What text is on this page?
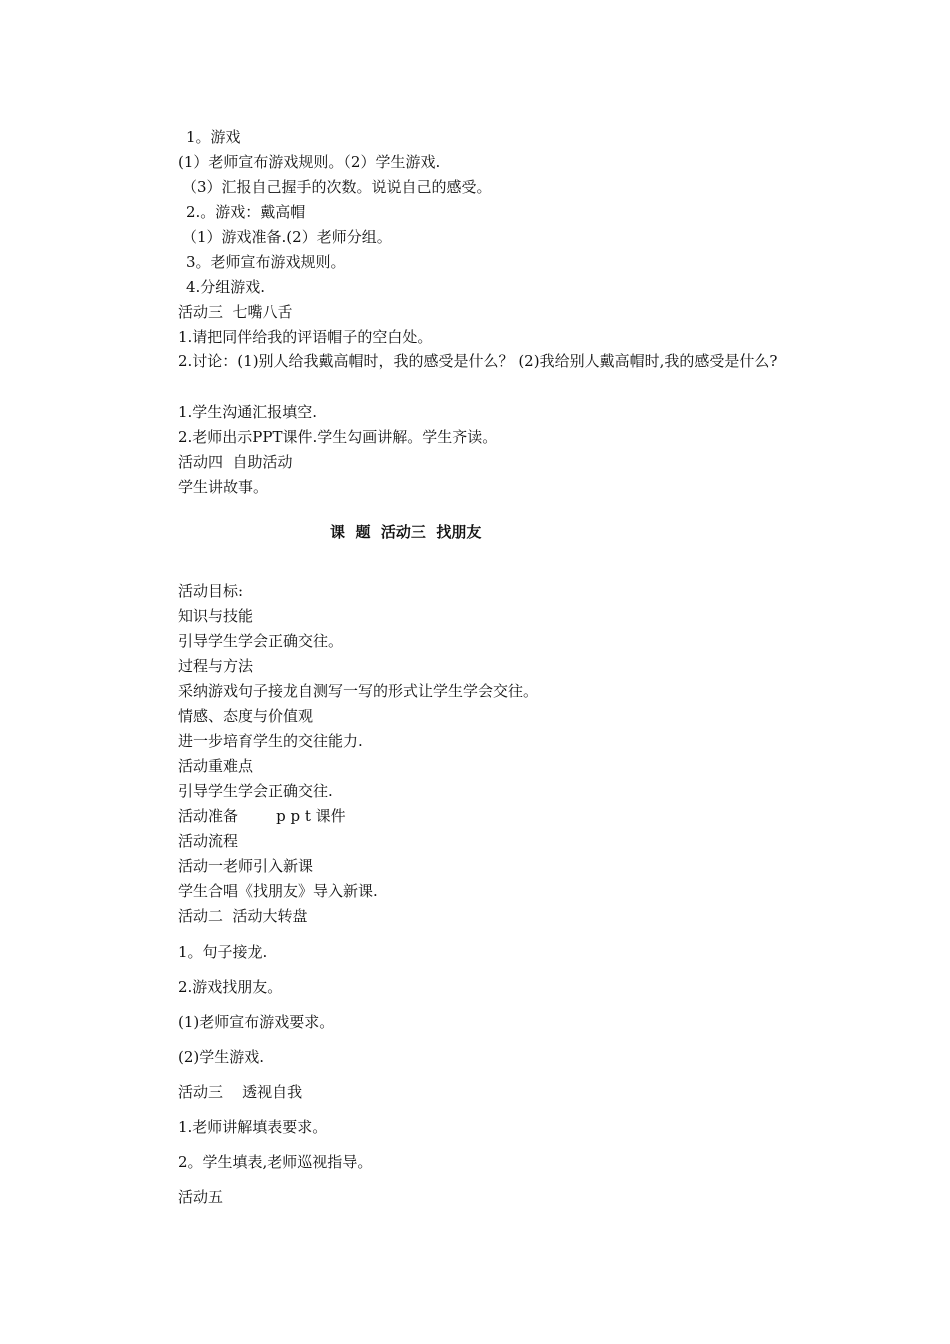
1。游戏
(1）老师宣布游戏规则。（2）学生游戏.
（3）汇报自己握手的次数。说说自己的感受。
2.。游戏：戴高帽
（1）游戏准备.(2）老师分组。
3。老师宣布游戏规则。
4.分组游戏.
活动三  七嘴八舌
1.请把同伴给我的评语帽子的空白处。
2.讨论：(1)别人给我戴高帽时，我的感受是什么？ (2)我给别人戴高帽时,我的感受是什么?
1.学生沟通汇报填空.
2.老师出示PPT课件.学生勾画讲解。学生齐读。
活动四  自助活动
学生讲故事。
课  题  活动三  找朋友
活动目标:
知识与技能
引导学生学会正确交往。
过程与方法
采纳游戏句子接龙自测写一写的形式让学生学会交往。
情感、态度与价值观
进一步培育学生的交往能力.
活动重难点
引导学生学会正确交往.
活动准备        p p t 课件
活动流程
活动一老师引入新课
学生合唱《找朋友》导入新课.
活动二  活动大转盘
1。句子接龙.
2.游戏找朋友。
(1)老师宣布游戏要求。
(2)学生游戏.
活动三    透视自我
1.老师讲解填表要求。
2。学生填表,老师巡视指导。
活动五
